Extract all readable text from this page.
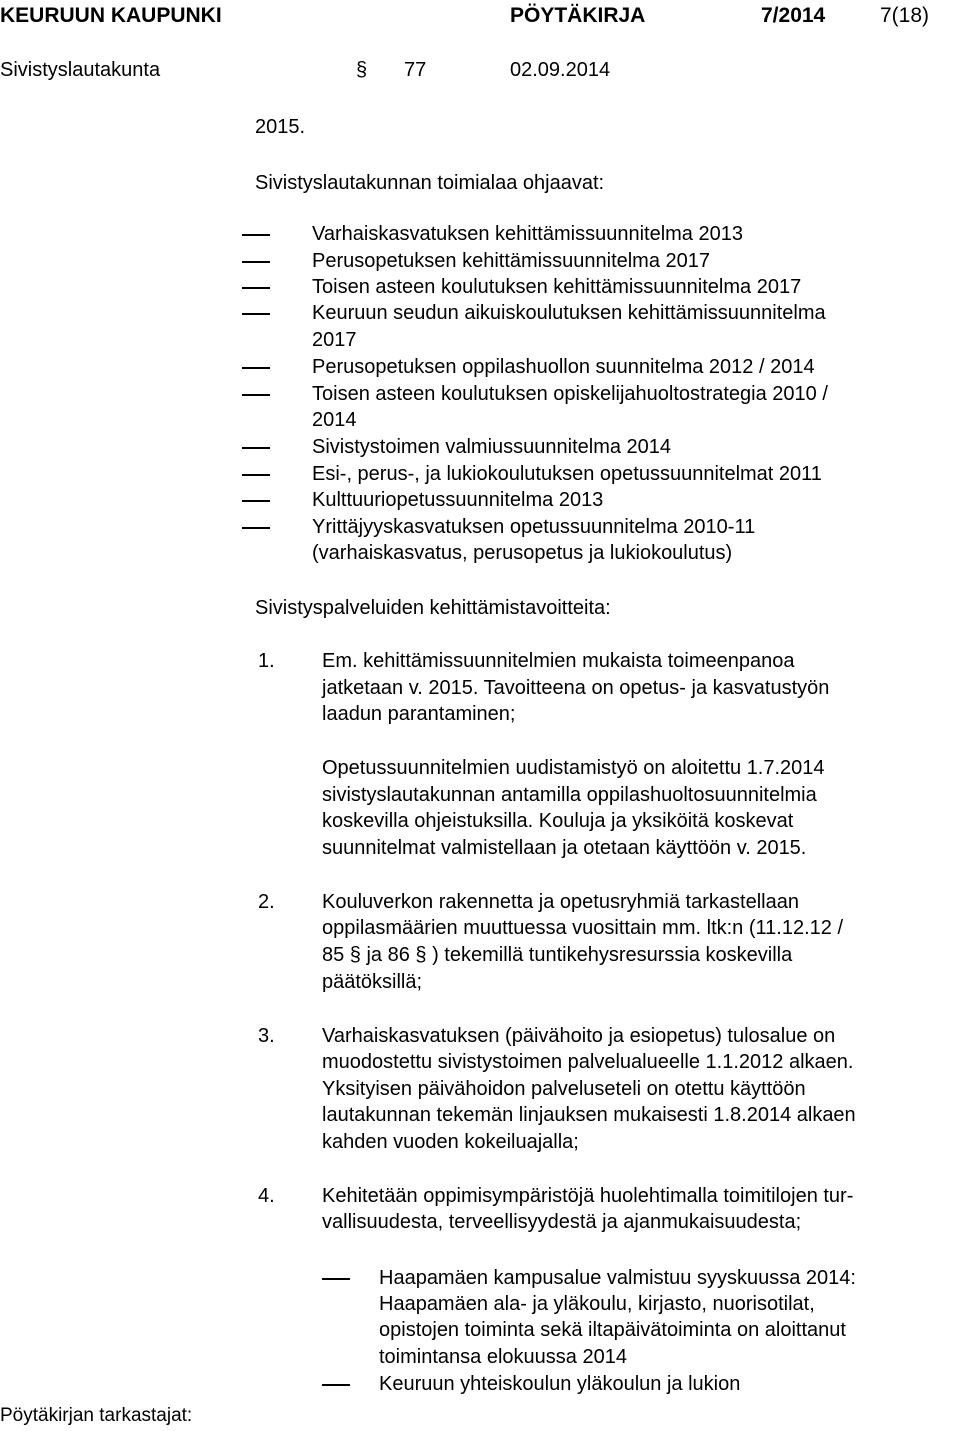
KEURUUN KAUPUNKI	PÖYTÄKIRJA	7/2014	7(18)
Sivistyslautakunta	§ 77	02.09.2014
2015.
Sivistyslautakunnan toimialaa ohjaavat:
Varhaiskasvatuksen kehittämissuunnitelma 2013
Perusopetuksen kehittämissuunnitelma 2017
Toisen asteen koulutuksen kehittämissuunnitelma 2017
Keuruun seudun aikuiskoulutuksen kehittämissuunnitelma
2017
Perusopetuksen oppilashuollon suunnitelma 2012 / 2014
Toisen asteen koulutuksen opiskelijahuoltostrategia 2010 /
2014
Sivistystoimen valmiussuunnitelma 2014
Esi-, perus-, ja lukiokoulutuksen opetussuunnitelmat 2011
Kulttuuriopetussuunnitelma 2013
Yrittäjyyskasvatuksen opetussuunnitelma 2010-11
(varhaiskasvatus, perusopetus ja lukiokoulutus)
Sivistyspalveluiden kehittämistavoitteita:
1. Em. kehittämissuunnitelmien mukaista toimeenpanoa
jatketaan v. 2015. Tavoitteena on opetus- ja kasvatustyön
laadun parantaminen;
Opetussuunnitelmien uudistamistyö on aloitettu 1.7.2014
sivistyslautakunnan antamilla oppilashuoltosuunnitelmia
koskevilla ohjeistuksilla. Kouluja ja yksiköitä koskevat
suunnitelmat valmistellaan ja otetaan käyttöön v. 2015.
2. Kouluverkon rakennetta ja opetusryhmiä tarkastellaan
oppilasmäärien muuttuessa vuosittain mm. ltk:n (11.12.12 /
85 § ja 86 § ) tekemillä tuntikehysresurssia koskevilla
päätöksillä;
3. Varhaiskasvatuksen (päivähoito ja esiopetus) tulosalue on
muodostettu sivistystoimen palvelualueelle 1.1.2012 alkaen.
Yksityisen päivähoidon palveluseteli on otettu käyttöön
lautakunnan tekemän linjauksen mukaisesti 1.8.2014 alkaen
kahden vuoden kokeiluajalla;
4. Kehitetään oppimisympäristöjä huolehtimalla toimitilojen tur-
vallisuudesta, terveellisyydestä ja ajanmukaisuudesta;
Haapamäen kampusalue valmistuu syyskuussa 2014:
Haapamäen ala- ja yläkoulu, kirjasto, nuorisotilat,
opistojen toiminta sekä iltapäivätoiminta on aloittanut
toimintansa elokuussa 2014
Keuruun yhteiskoulun yläkoulun ja lukion
Pöytäkirjan tarkastajat:
